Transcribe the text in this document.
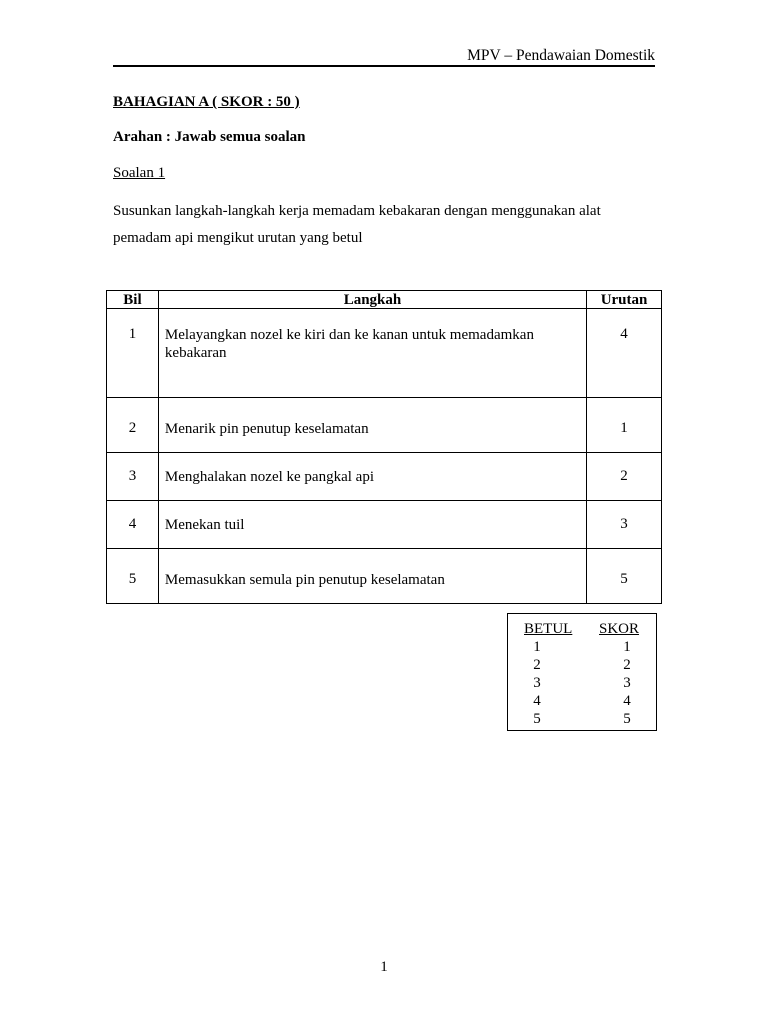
MPV – Pendawaian Domestik
BAHAGIAN A ( SKOR : 50 )
Arahan : Jawab semua soalan
Soalan 1
Susunkan langkah-langkah kerja memadam kebakaran dengan menggunakan alat pemadam api mengikut urutan yang betul
Bil	Langkah	Urutan
1	Melayangkan nozel ke kiri dan ke kanan untuk memadamkan kebakaran	4
2	Menarik pin penutup keselamatan	1
3	Menghalakan nozel ke pangkal api	2
4	Menekan tuil	3
5	Memasukkan semula pin penutup keselamatan	5
BETUL SKOR
1	1
2	2
3	3
4	4
5	5
1
